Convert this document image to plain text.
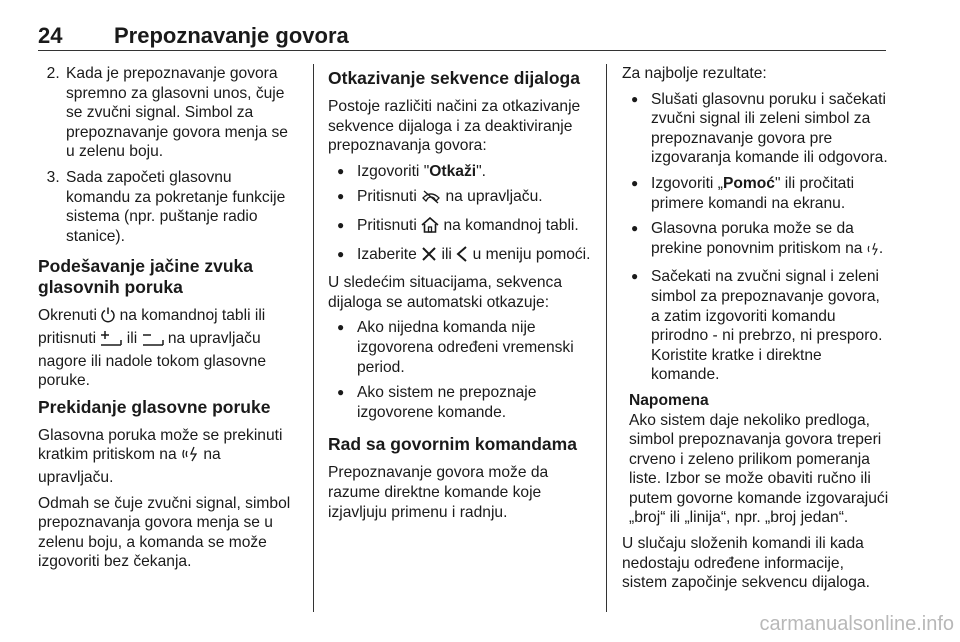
24 Prepoznavanje govora
2. Kada je prepoznavanje govora spremno za glasovni unos, čuje se zvučni signal. Simbol za prepoznavanje govora menja se u zelenu boju.
3. Sada započeti glasovnu komandu za pokretanje funkcije sistema (npr. puštanje radio stanice).
Podešavanje jačine zvuka glasovnih poruka

Okrenuti na komandnoj tabli ili pritisnuti ili na upravljaču nagore ili nadole tokom glasovne poruke.

Prekidanje glasovne poruke

Glasovna poruka može se prekinuti kratkim pritiskom na na upravljaču.

Odmah se čuje zvučni signal, simbol prepoznavanja govora menja se u zelenu boju, a komanda se može izgovoriti bez čekanja.

Otkazivanje sekvence dijaloga

Postoje različiti načini za otkazivanje sekvence dijaloga i za deaktiviranje prepoznavanja govora:

● Izgovoriti "Otkaži".
● Pritisnuti na upravljaču.
● Pritisnuti na komandnoj tabli.
● Izaberite ili u meniju pomoći.

U sledećim situacijama, sekvenca dijaloga se automatski otkazuje:

● Ako nijedna komanda nije izgovorena određeni vremenski period.
● Ako sistem ne prepoznaje izgovorene komande.
Rad sa govornim komandama

Prepoznavanje govora može da razume direktne komande koje izjavljuju primenu i radnju.

Za najbolje rezultate:

● Slušati glasovnu poruku i sačekati zvučni signal ili zeleni simbol za prepoznavanje govora pre izgovaranja komande ili odgovora.
● Izgovoriti „Pomoć" ili pročitati primere komandi na ekranu.
● Glasovna poruka može se da prekine ponovnim pritiskom na .
● Sačekati na zvučni signal i zeleni simbol za prepoznavanje govora, a zatim izgovoriti komandu prirodno - ni prebrzo, ni presporo. Koristite kratke i direktne komande.
Napomena
Ako sistem daje nekoliko predloga, simbol prepoznavanja govora treperi crveno i zeleno prilikom pomeranja liste. Izbor se može obaviti ručno ili putem govorne komande izgovarajući „broj“ ili „linija“, npr. „broj jedan“.

U slučaju složenih komandi ili kada nedostaju određene informacije, sistem započinje sekvencu dijaloga.

carmanualsonline.info
